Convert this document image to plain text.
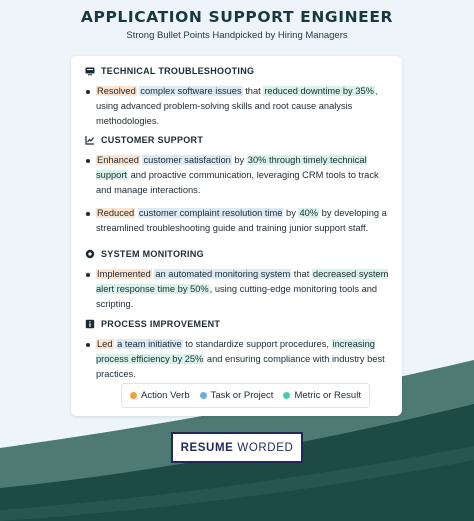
APPLICATION SUPPORT ENGINEER
Strong Bullet Points Handpicked by Hiring Managers
TECHNICAL TROUBLESHOOTING
Resolved complex software issues that reduced downtime by 35%, using advanced problem-solving skills and root cause analysis methodologies.
CUSTOMER SUPPORT
Enhanced customer satisfaction by 30% through timely technical support and proactive communication, leveraging CRM tools to track and manage interactions.
Reduced customer complaint resolution time by 40% by developing a streamlined troubleshooting guide and training junior support staff.
SYSTEM MONITORING
Implemented an automated monitoring system that decreased system alert response time by 50%, using cutting-edge monitoring tools and scripting.
PROCESS IMPROVEMENT
Led a team initiative to standardize support procedures, increasing process efficiency by 25% and ensuring compliance with industry best practices.
Action Verb Task or Project Metric or Result
RESUME WORDED
